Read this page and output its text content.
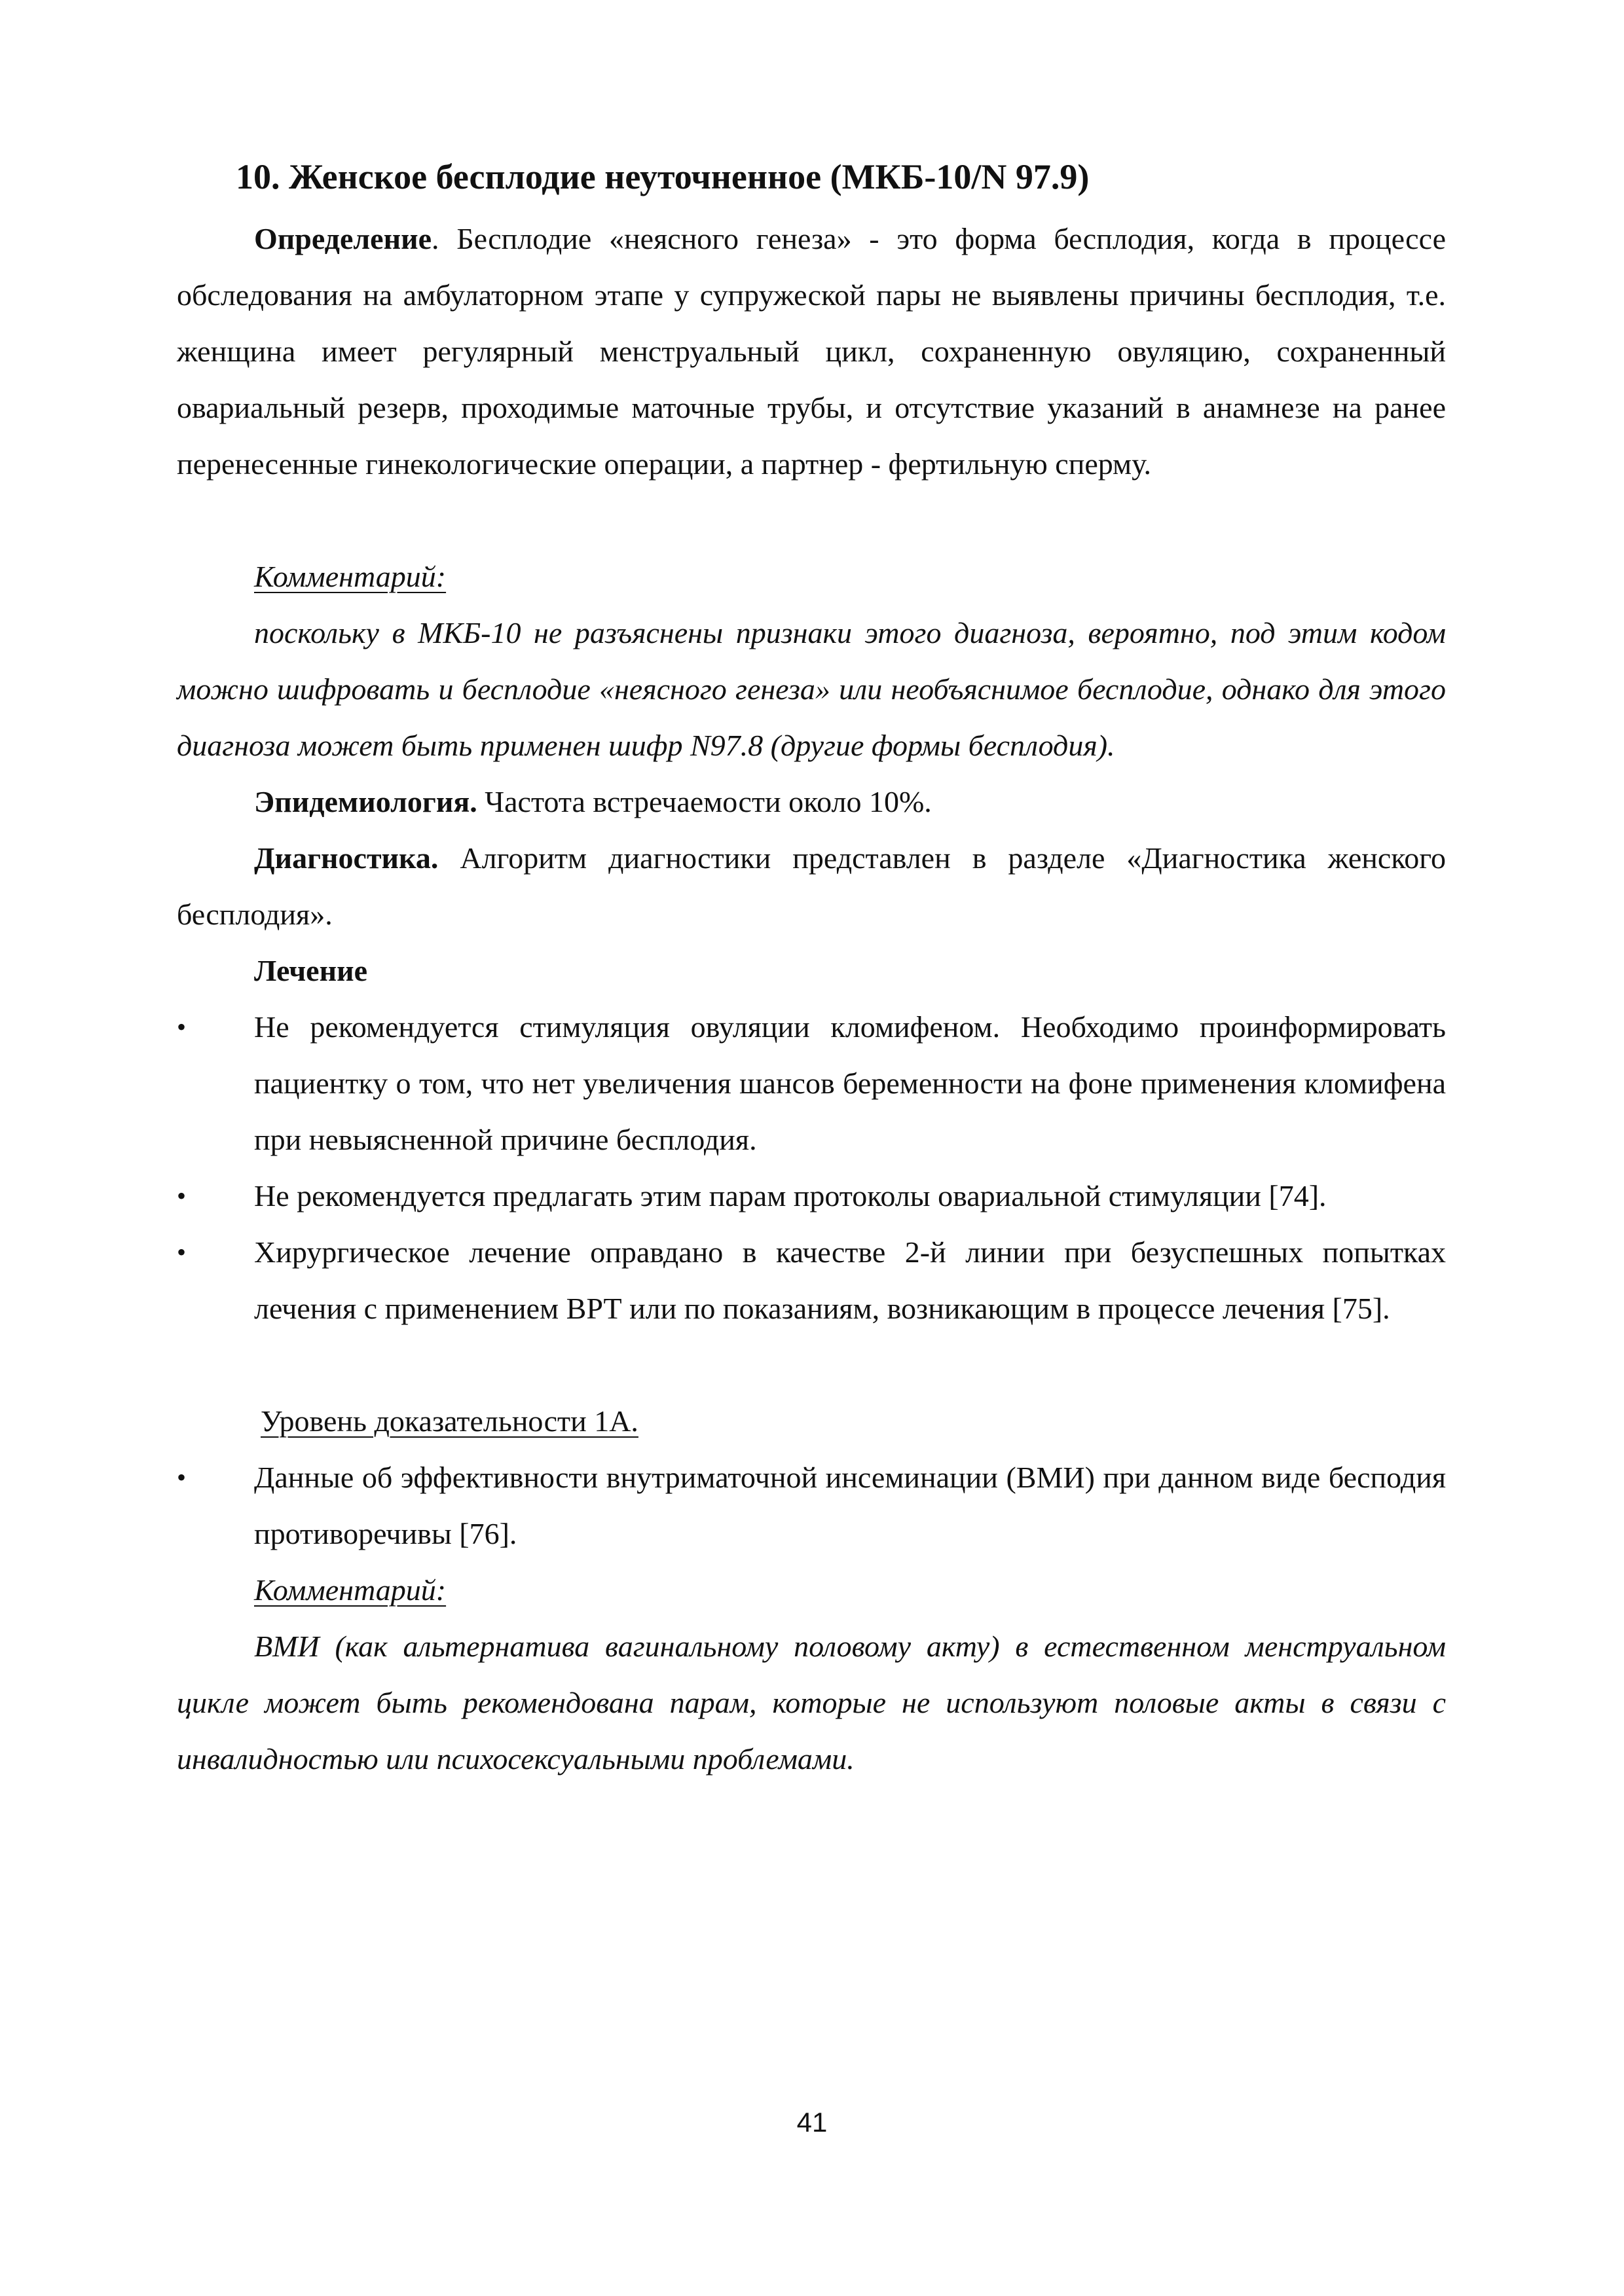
10. Женское бесплодие неуточненное (МКБ-10/N 97.9)
Определение. Бесплодие «неясного генеза» - это форма бесплодия, когда в процессе обследования на амбулаторном этапе у супружеской пары не выявлены причины бесплодия, т.е. женщина имеет регулярный менструальный цикл, сохраненную овуляцию, сохраненный овариальный резерв, проходимые маточные трубы, и отсутствие указаний в анамнезе на ранее перенесенные гинекологические операции, а партнер - фертильную сперму.
Комментарий:
поскольку в МКБ-10 не разъяснены признаки этого диагноза, вероятно, под этим кодом можно шифровать и бесплодие «неясного генеза» или необъяснимое бесплодие, однако для этого диагноза может быть применен шифр N97.8 (другие формы бесплодия).
Эпидемиология. Частота встречаемости около 10%.
Диагностика. Алгоритм диагностики представлен в разделе «Диагностика женского бесплодия».
Лечение
•	Не рекомендуется стимуляция овуляции кломифеном. Необходимо проинформировать пациентку о том, что нет увеличения шансов беременности на фоне применения кломифена при невыясненной причине бесплодия.
•	Не рекомендуется предлагать этим парам протоколы овариальной стимуляции [74].
•	Хирургическое лечение оправдано в качестве 2-й линии при безуспешных попытках лечения с применением ВРТ или по показаниям, возникающим в процессе лечения [75].
Уровень доказательности 1А.
•	Данные об эффективности внутриматочной инсеминации (ВМИ) при данном виде беcподия противоречивы [76].
Комментарий:
ВМИ (как альтернатива вагинальному половому акту) в естественном менструальном цикле может быть рекомендована парам, которые не используют половые акты в связи с инвалидностью или психосексуальными проблемами.
41
